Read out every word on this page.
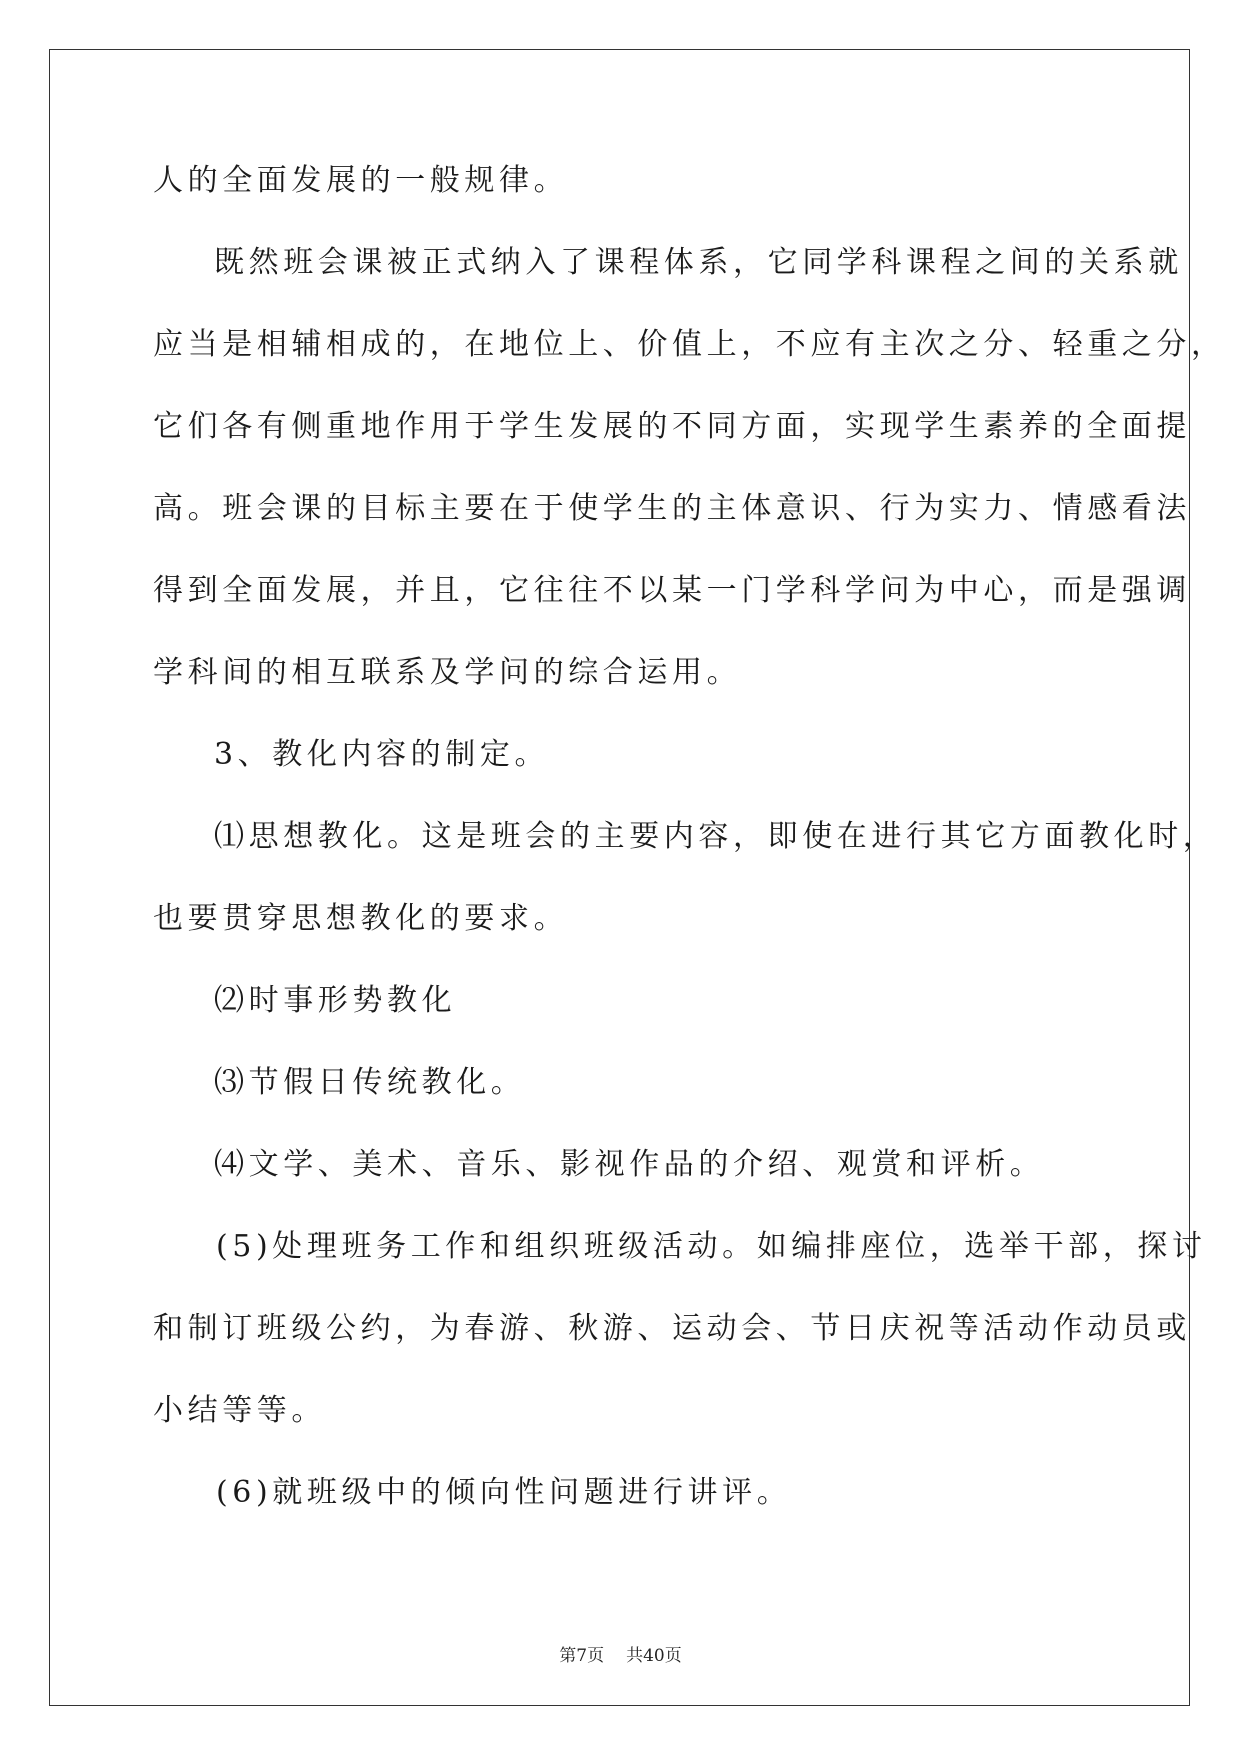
人的全面发展的一般规律。
既然班会课被正式纳入了课程体系，它同学科课程之间的关系就
应当是相辅相成的，在地位上、价值上，不应有主次之分、轻重之分，
它们各有侧重地作用于学生发展的不同方面，实现学生素养的全面提
高。班会课的目标主要在于使学生的主体意识、行为实力、情感看法
得到全面发展，并且，它往往不以某一门学科学问为中心，而是强调
学科间的相互联系及学问的综合运用。
3、教化内容的制定。
⑴思想教化。这是班会的主要内容，即使在进行其它方面教化时，
也要贯穿思想教化的要求。
⑵时事形势教化
⑶节假日传统教化。
⑷文学、美术、音乐、影视作品的介绍、观赏和评析。
(5)处理班务工作和组织班级活动。如编排座位，选举干部，探讨
和制订班级公约，为春游、秋游、运动会、节日庆祝等活动作动员或
小结等等。
(6)就班级中的倾向性问题进行讲评。
第7页 共40页
